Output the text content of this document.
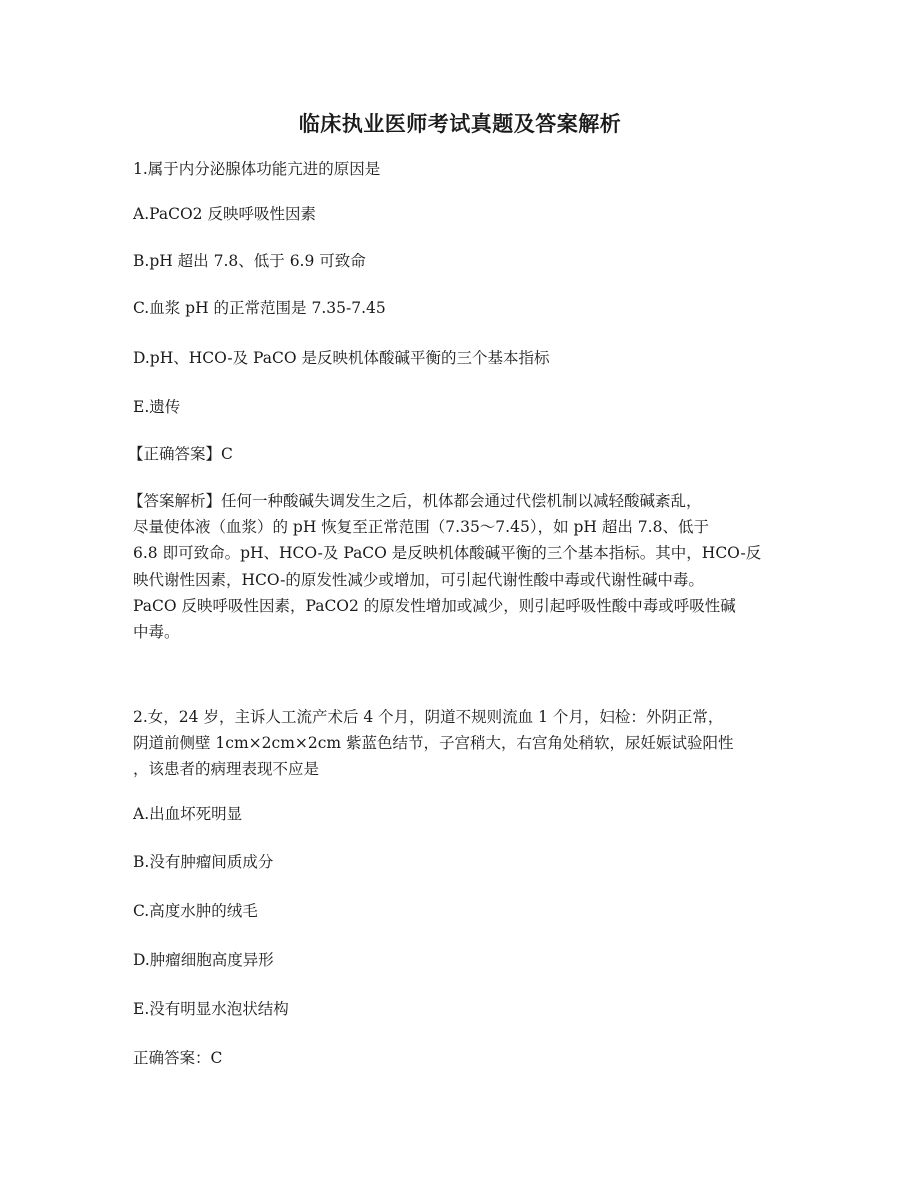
临床执业医师考试真题及答案解析
1.属于内分泌腺体功能亢进的原因是
A.PaCO2 反映呼吸性因素
B.pH 超出 7.8、低于 6.9 可致命
C.血浆 pH 的正常范围是 7.35-7.45
D.pH、HCO-及 PaCO 是反映机体酸碱平衡的三个基本指标
E.遗传
【正确答案】C
【答案解析】任何一种酸碱失调发生之后，机体都会通过代偿机制以减轻酸碱紊乱，
尽量使体液（血浆）的 pH 恢复至正常范围（7.35～7.45），如 pH 超出 7.8、低于
6.8 即可致命。pH、HCO-及 PaCO 是反映机体酸碱平衡的三个基本指标。其中，HCO-反
映代谢性因素，HCO-的原发性减少或增加，可引起代谢性酸中毒或代谢性碱中毒。
PaCO 反映呼吸性因素，PaCO2 的原发性增加或减少，则引起呼吸性酸中毒或呼吸性碱
中毒。
2.女，24 岁，主诉人工流产术后 4 个月，阴道不规则流血 1 个月，妇检：外阴正常，
阴道前侧壁 1cm×2cm×2cm 紫蓝色结节，子宫稍大，右宫角处稍软，尿妊娠试验阳性
，该患者的病理表现不应是
A.出血坏死明显
B.没有肿瘤间质成分
C.高度水肿的绒毛
D.肿瘤细胞高度异形
E.没有明显水泡状结构
正确答案：C
